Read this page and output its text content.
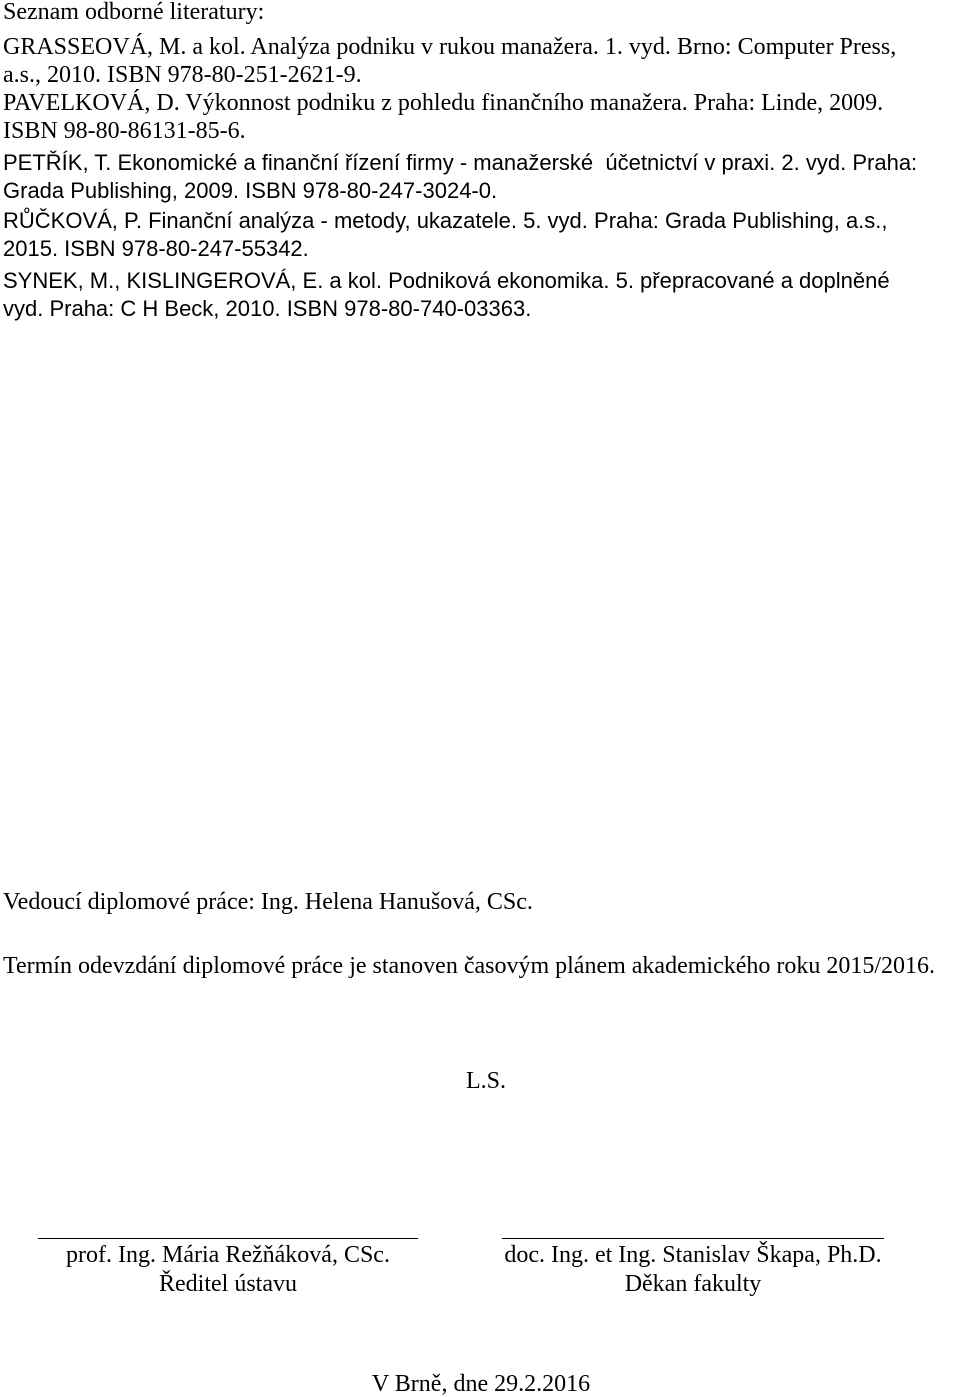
Seznam odborné literatury:
GRASSEOVÁ, M. a kol. Analýza podniku v rukou manažera. 1. vyd. Brno: Computer Press,
a.s., 2010. ISBN 978-80-251-2621-9.
PAVELKOVÁ, D. Výkonnost podniku z pohledu finančního manažera. Praha: Linde, 2009.
ISBN 98-80-86131-85-6.
PETŘÍK, T. Ekonomické a finanční řízení firmy - manažerské  účetnictví v praxi. 2. vyd. Praha:
Grada Publishing, 2009. ISBN 978-80-247-3024-0.
RŮČKOVÁ, P. Finanční analýza - metody, ukazatele. 5. vyd. Praha: Grada Publishing, a.s.,
2015. ISBN 978-80-247-55342.
SYNEK, M., KISLINGEROVÁ, E. a kol. Podniková ekonomika. 5. přepracované a doplněné
vyd. Praha: C H Beck, 2010. ISBN 978-80-740-03363.
Vedoucí diplomové práce: Ing. Helena Hanušová, CSc.
Termín odevzdání diplomové práce je stanoven časovým plánem akademického roku 2015/2016.
L.S.
prof. Ing. Mária Režňáková, CSc.
Ředitel ústavu
doc. Ing. et Ing. Stanislav Škapa, Ph.D.
Děkan fakulty
V Brně, dne 29.2.2016
